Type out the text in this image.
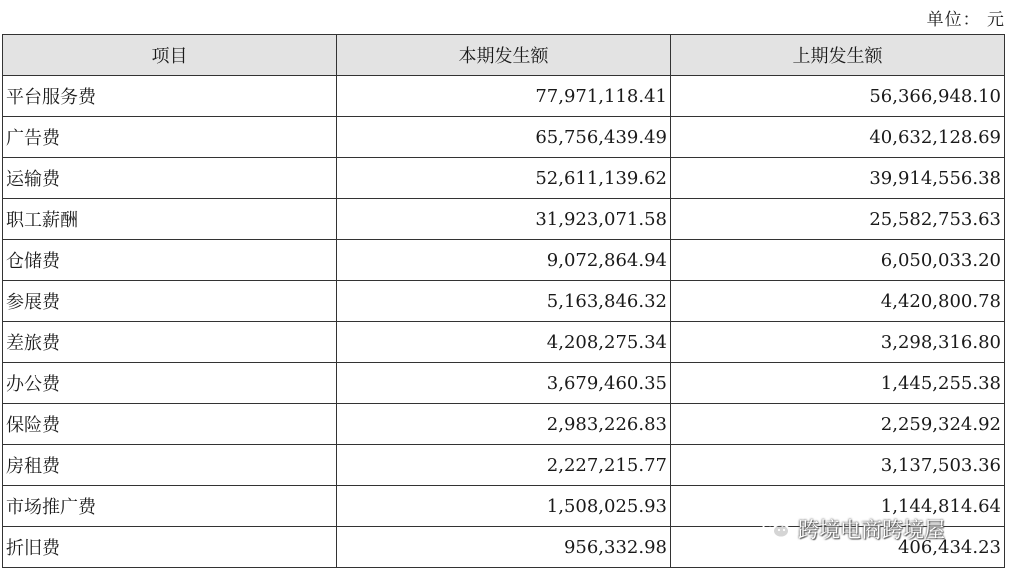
单位： 元
项目	本期发生额	上期发生额
平台服务费	77,971,118.41	56,366,948.10
广告费	65,756,439.49	40,632,128.69
运输费	52,611,139.62	39,914,556.38
职工薪酬	31,923,071.58	25,582,753.63
仓储费	9,072,864.94	6,050,033.20
参展费	5,163,846.32	4,420,800.78
差旅费	4,208,275.34	3,298,316.80
办公费	3,679,460.35	1,445,255.38
保险费	2,983,226.83	2,259,324.92
房租费	2,227,215.77	3,137,503.36
市场推广费	1,508,025.93	1,144,814.64
折旧费	956,332.98	406,434.23
跨境电商跨境屋
